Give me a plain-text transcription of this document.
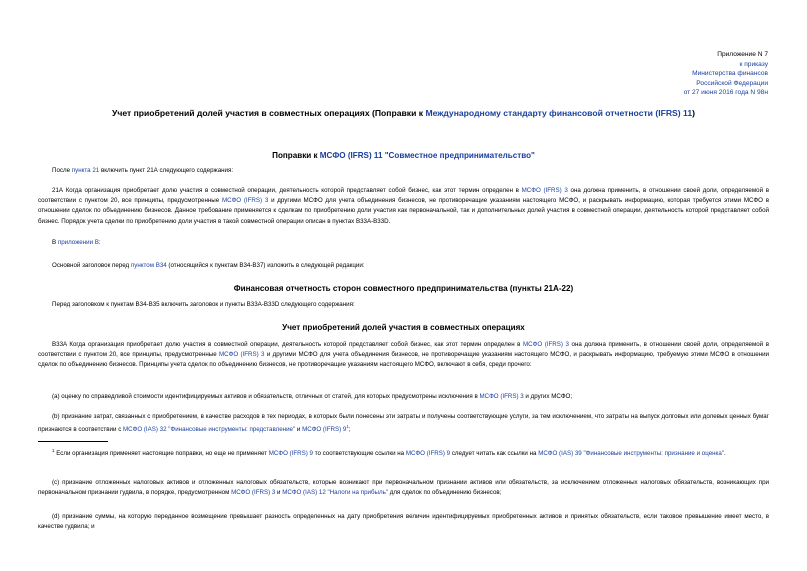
Приложение N 7
к приказу
Министерства финансов
Российской Федерации
от 27 июня 2016 года N 98н
Учет приобретений долей участия в совместных операциях (Поправки к Международному стандарту финансовой отчетности (IFRS) 11)
Поправки к МСФО (IFRS) 11 "Совместное предпринимательство"
После пункта 21 включить пункт 21А следующего содержания:
21А Когда организация приобретает долю участия в совместной операции, деятельность которой представляет собой бизнес, как этот термин определен в МСФО (IFRS) 3 она должна применить, в отношении своей доли, определяемой в соответствии с пунктом 20, все принципы, предусмотренные МСФО (IFRS) 3 и другими МСФО для учета объединения бизнесов, не противоречащие указаниям настоящего МСФО, и раскрывать информацию, которая требуется этими МСФО в отношении сделок по объединению бизнесов. Данное требование применяется к сделкам по приобретению доли участия как первоначальной, так и дополнительных долей участия в совместной операции, деятельность которой представляет собой бизнес. Порядок учета сделки по приобретению доли участия в такой совместной операции описан в пунктах B33A-B33D.
В приложении B:
Основной заголовок перед пунктом B34 (относящийся к пунктам B34-B37) изложить в следующей редакции:
Финансовая отчетность сторон совместного предпринимательства (пункты 21А-22)
Перед заголовком к пунктам B34-B35 включить заголовок и пункты B33A-B33D следующего содержания:
Учет приобретений долей участия в совместных операциях
B33A Когда организация приобретает долю участия в совместной операции, деятельность которой представляет собой бизнес, как этот термин определен в МСФО (IFRS) 3 она должна применить, в отношении своей доли, определяемой в соответствии с пунктом 20, все принципы, предусмотренные МСФО (IFRS) 3 и другими МСФО для учета объединения бизнесов, не противоречащие указаниям настоящего МСФО, и раскрывать информацию, требуемую этими МСФО в отношении сделок по объединению бизнесов. Принципы учета сделок по объединению бизнесов, не противоречащие указаниям настоящего МСФО, включают в себя, среди прочего:
(a) оценку по справедливой стоимости идентифицируемых активов и обязательств, отличных от статей, для которых предусмотрены исключения в МСФО (IFRS) 3 и других МСФО;
(b) признание затрат, связанных с приобретением, в качестве расходов в тех периодах, в которых были понесены эти затраты и получены соответствующие услуги, за тем исключением, что затраты на выпуск долговых или долевых ценных бумаг признаются в соответствии с МСФО (IAS) 32 "Финансовые инструменты: представление" и МСФО (IFRS) $9^1$;
$^1$ Если организация применяет настоящие поправки, но еще не применяет МСФО (IFRS) 9 то соответствующие ссылки на МСФО (IFRS) 9 следует читать как ссылки на МСФО (IAS) 39 "Финансовые инструменты: признание и оценка".
(c) признание отложенных налоговых активов и отложенных налоговых обязательств, которые возникают при первоначальном признании активов или обязательств, за исключением отложенных налоговых обязательств, возникающих при первоначальном признании гудвила, в порядке, предусмотренном МСФО (IFRS) 3 и МСФО (IAS) 12 "Налоги на прибыль" для сделок по объединению бизнесов;
(d) признание суммы, на которую переданное возмещение превышает разность определенных на дату приобретения величин идентифицируемых приобретенных активов и принятых обязательств, если таковое превышение имеет место, в качестве гудвила; и
